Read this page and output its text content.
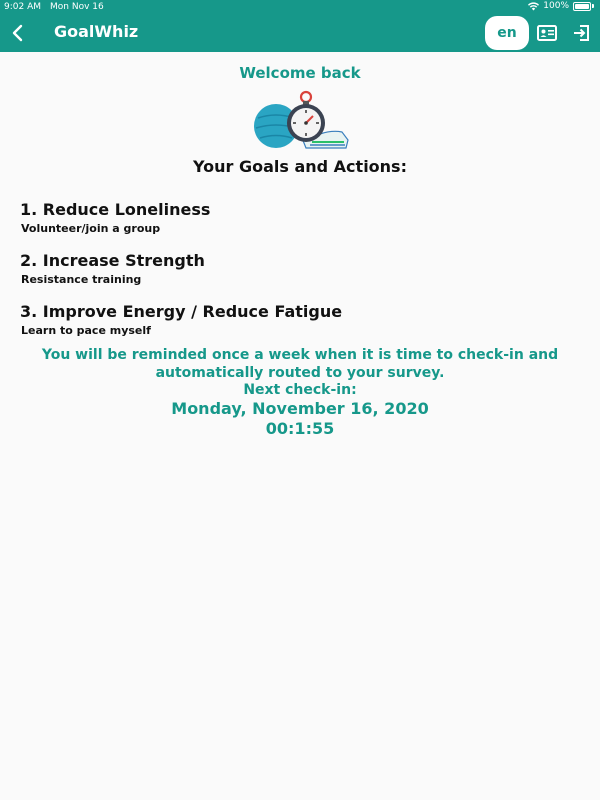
9:02 AM Mon Nov 16	100%
GoalWhiz	en
Welcome back
Your Goals and Actions:
1. Reduce Loneliness
Volunteer/join a group
2. Increase Strength
Resistance training
3. Improve Energy / Reduce Fatigue
Learn to pace myself
You will be reminded once a week when it is time to check-in and
automatically routed to your survey.
Next check-in:
Monday, November 16, 2020
00:1:55
